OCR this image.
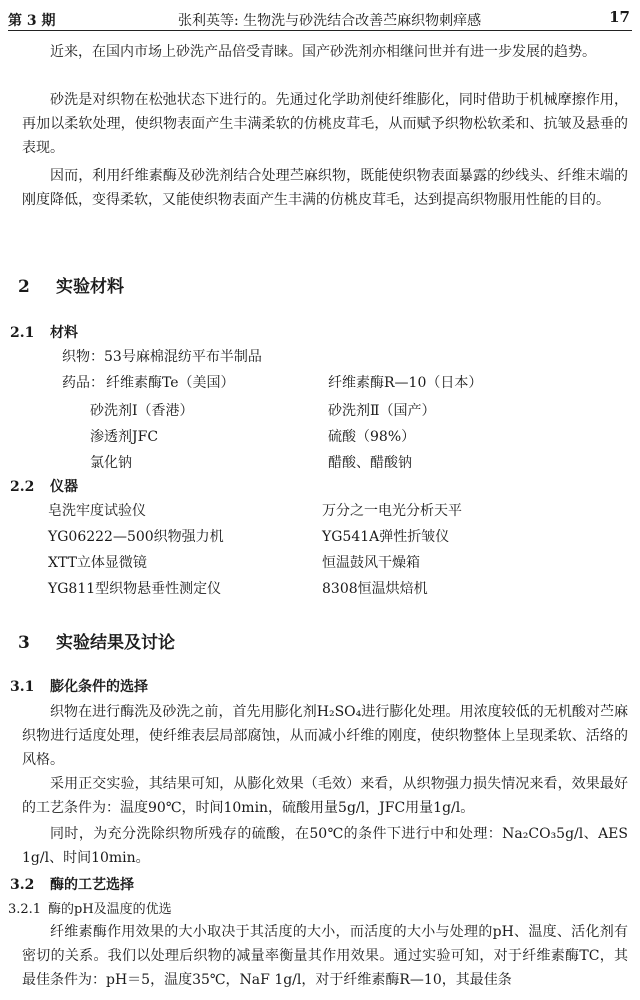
第 3 期	张利英等: 生物洗与砂洗结合改善苎麻织物刺痒感	17
近来，在国内市场上砂洗产品倍受青睐。国产砂洗剂亦相继问世并有进一步发展的趋势。
砂洗是对织物在松弛状态下进行的。先通过化学助剂使纤维膨化，同时借助于机械摩擦作用，再加以柔软处理，使织物表面产生丰满柔软的仿桃皮茸毛，从而赋予织物松软柔和、抗皱及悬垂的表现。
因而，利用纤维素酶及砂洗剂结合处理苎麻织物，既能使织物表面暴露的纱线头、纤维末端的刚度降低，变得柔软，又能使织物表面产生丰满的仿桃皮茸毛，达到提高织物服用性能的目的。
2 实验材料
2.1 材料
织物：53号麻棉混纺平布半制品
药品： 纤维素酶Te（美国）	纤维素酶R—10（日本）
砂洗剂Ⅰ（香港）	砂洗剂Ⅱ（国产）
渗透剂JFC	硫酸（98%）
氯化钠	醋酸、醋酸钠
2.2 仪器
皂洗牢度试验仪	万分之一电光分析天平
YG06222—500织物强力机	YG541A弹性折皱仪
XTT立体显微镜	恒温鼓风干燥箱
YG811型织物悬垂性测定仪	8308恒温烘焙机
3 实验结果及讨论
3.1 膨化条件的选择
织物在进行酶洗及砂洗之前，首先用膨化剂H₂SO₄进行膨化处理。用浓度较低的无机酸对苎麻织物进行适度处理，使纤维表层局部腐蚀，从而减小纤维的刚度，使织物整体上呈现柔软、活络的风格。
采用正交实验，其结果可知，从膨化效果（毛效）来看，从织物强力损失情况来看，效果最好的工艺条件为：温度90℃，时间10min，硫酸用量5g/l，JFC用量1g/l。
同时，为充分洗除织物所残存的硫酸，在50℃的条件下进行中和处理：Na₂CO₃5g/l、AES 1g/l、时间10min。
3.2 酶的工艺选择
3.2.1 酶的pH及温度的优选
纤维素酶作用效果的大小取决于其活度的大小，而活度的大小与处理的pH、温度、活化剂有密切的关系。我们以处理后织物的减量率衡量其作用效果。通过实验可知，对于纤维素酶TC，其最佳条件为：pH＝5，温度35℃，NaF 1g/l，对于纤维素酶R—10，其最佳条
